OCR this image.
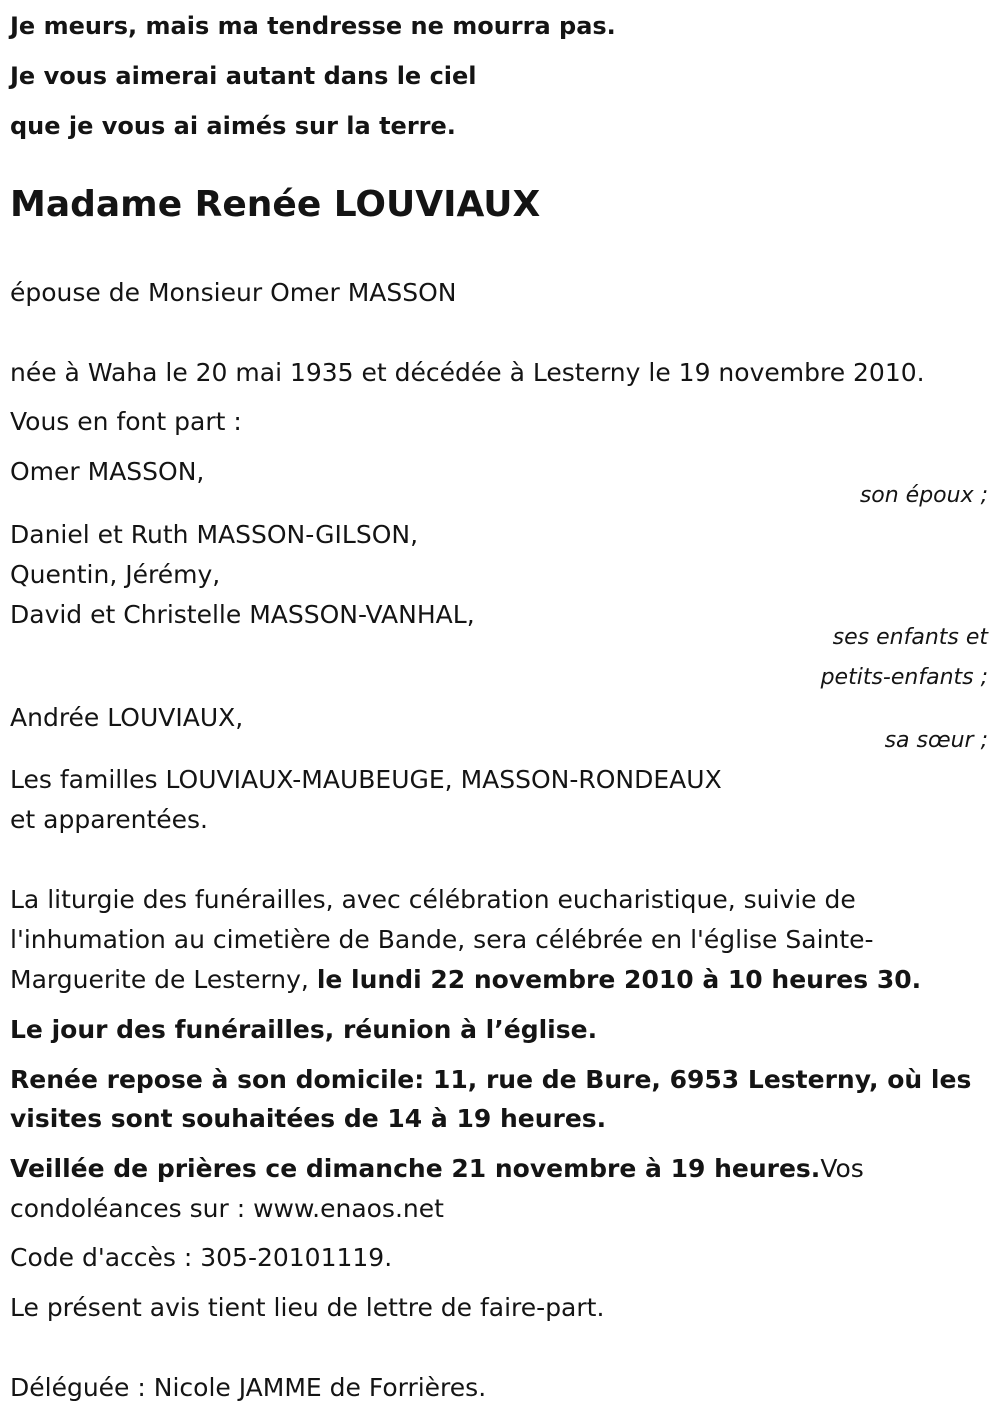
Je meurs, mais ma tendresse ne mourra pas.
Je vous aimerai autant dans le ciel
que je vous ai aimés sur la terre.
Madame Renée LOUVIAUX
épouse de Monsieur Omer MASSON
née à Waha le 20 mai 1935 et décédée à Lesterny le 19 novembre 2010.
Vous en font part :
Omer MASSON,
son époux ;
Daniel et Ruth MASSON-GILSON,
Quentin, Jérémy,
David et Christelle MASSON-VANHAL,
ses enfants et
petits-enfants ;
Andrée LOUVIAUX,
sa sœur ;
Les familles LOUVIAUX-MAUBEUGE, MASSON-RONDEAUX
et apparentées.
La liturgie des funérailles, avec célébration eucharistique, suivie de
l'inhumation au cimetière de Bande, sera célébrée en l'église Sainte-
Marguerite de Lesterny, le lundi 22 novembre 2010 à 10 heures 30.
Le jour des funérailles, réunion à l’église.
Renée repose à son domicile: 11, rue de Bure, 6953 Lesterny, où les
visites sont souhaitées de 14 à 19 heures.
Veillée de prières ce dimanche 21 novembre à 19 heures.Vos
condoléances sur : www.enaos.net
Code d'accès : 305-20101119.
Le présent avis tient lieu de lettre de faire-part.
Déléguée : Nicole JAMME de Forrières.
